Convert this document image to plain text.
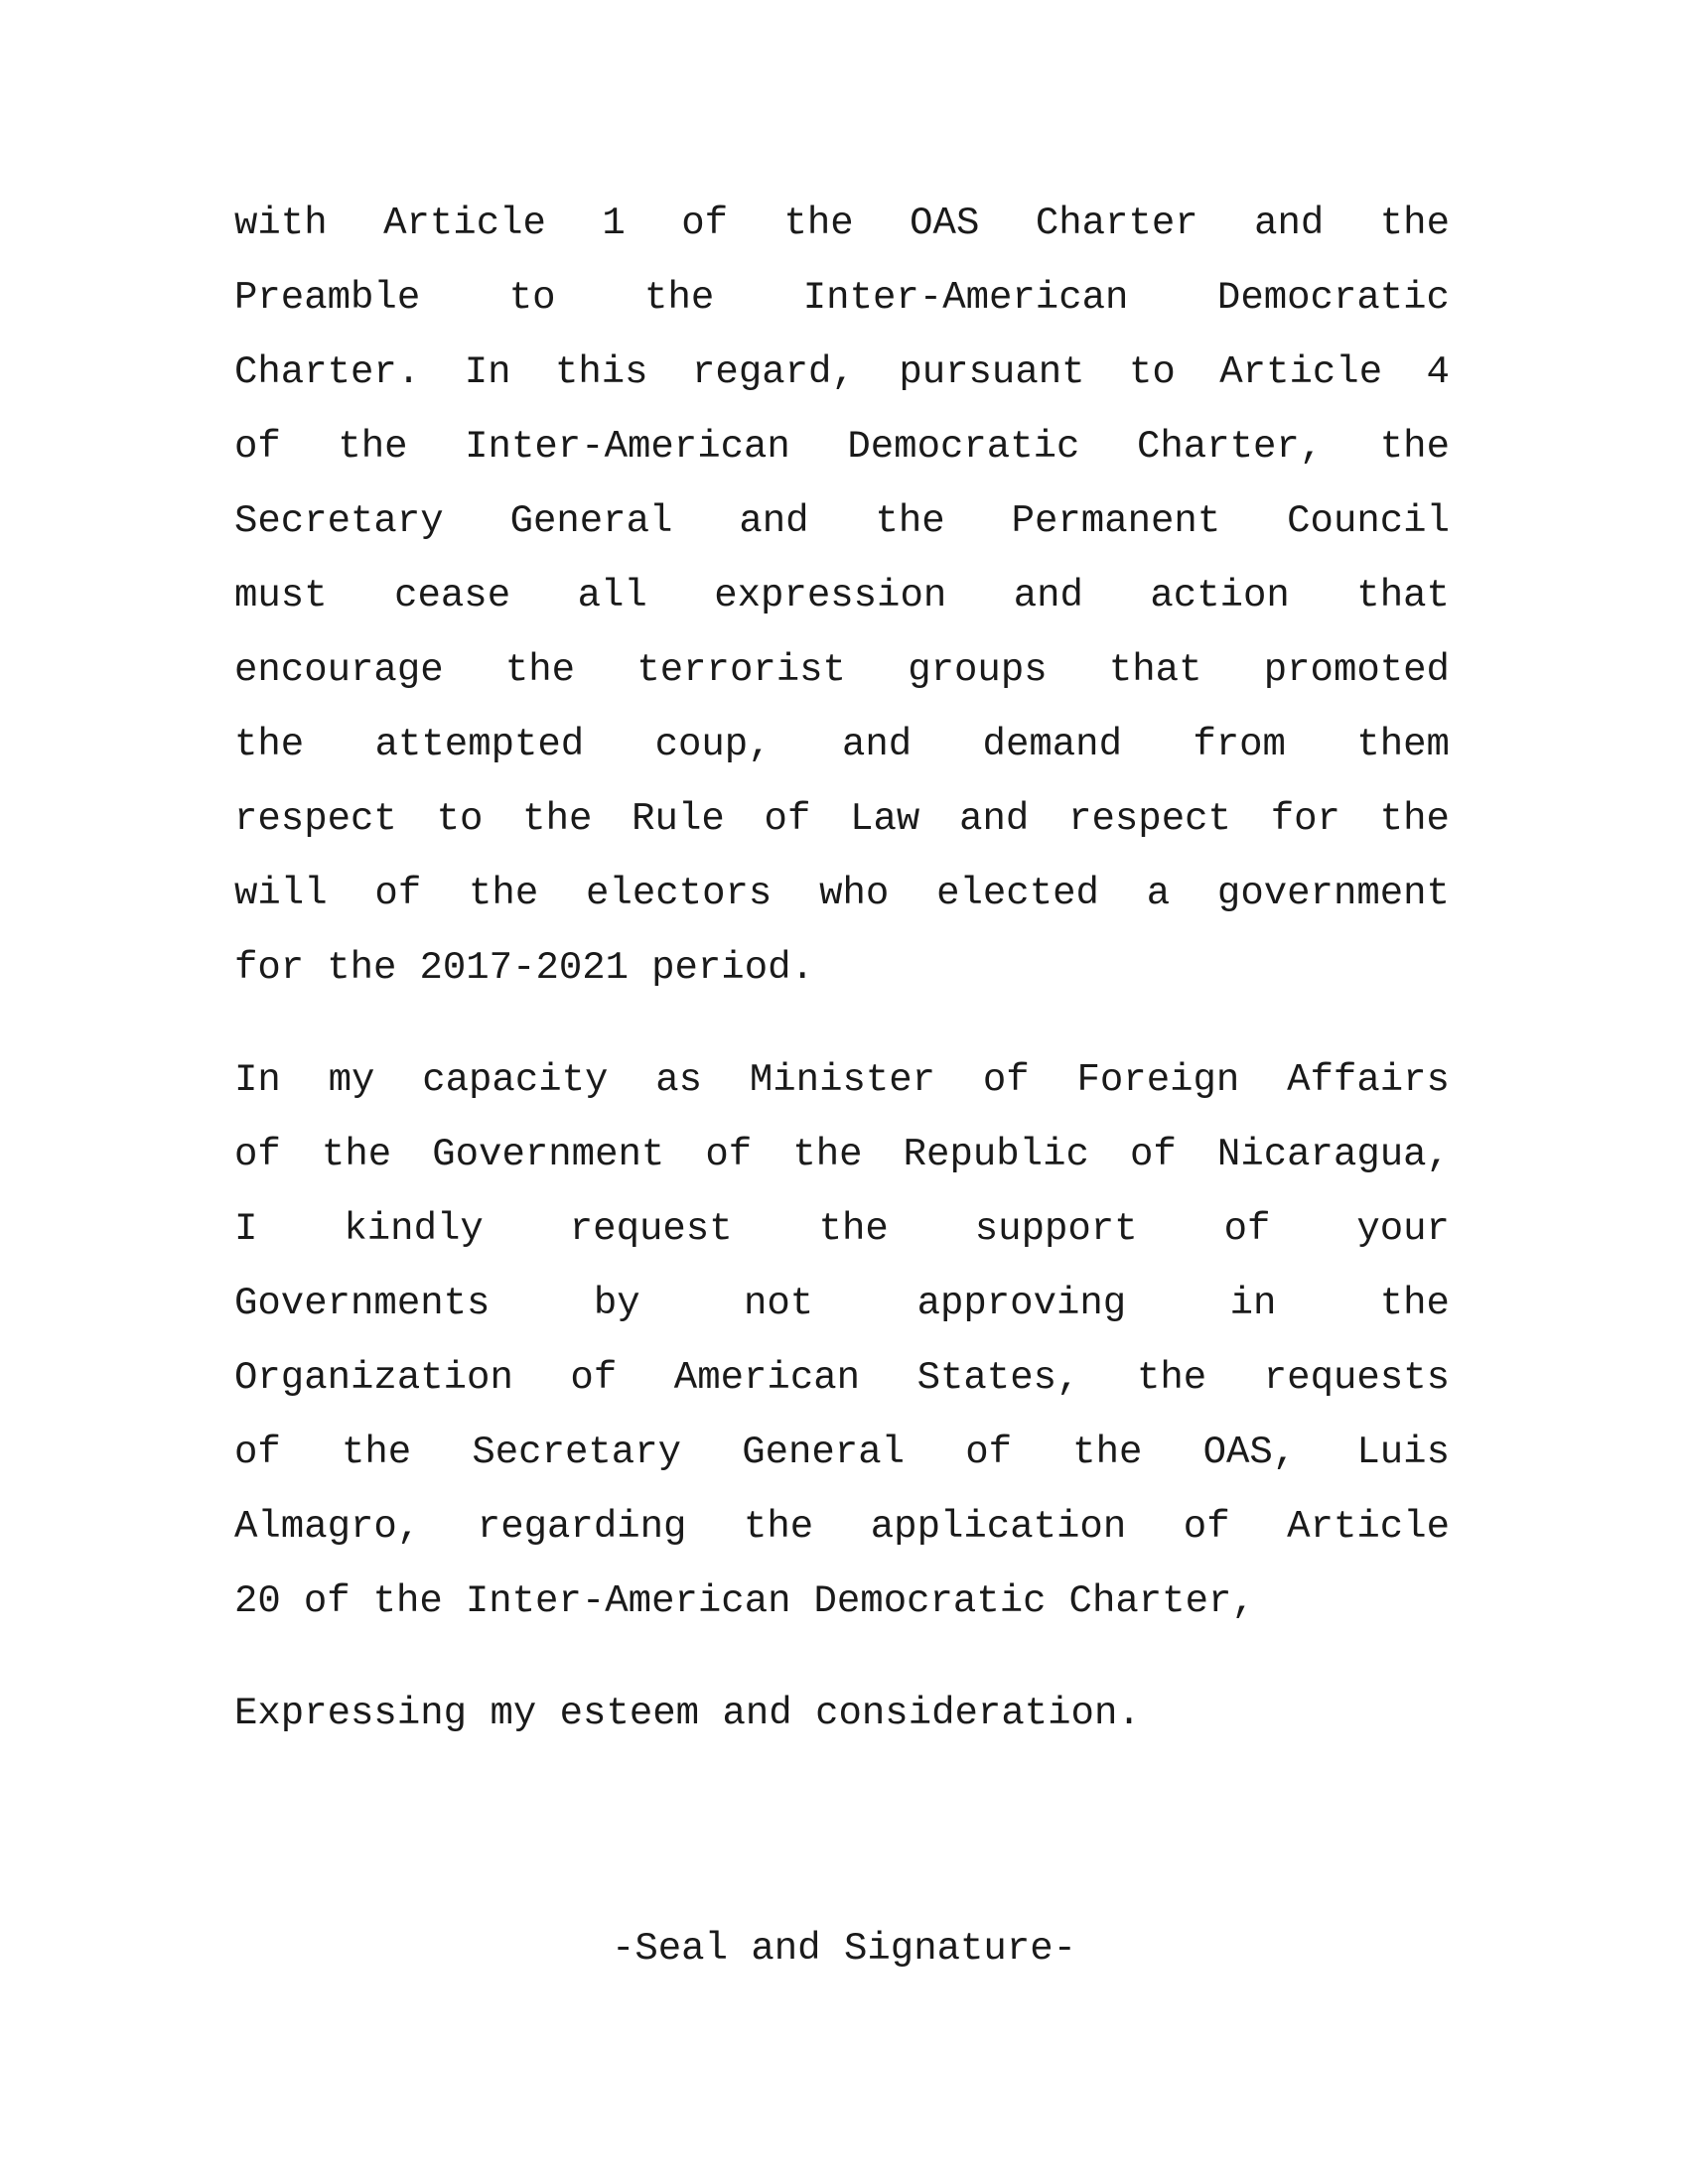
with Article 1 of the OAS Charter and the
Preamble to the Inter-American Democratic
Charter. In this regard, pursuant to Article 4
of the Inter-American Democratic Charter, the
Secretary General and the Permanent Council
must cease all expression and action that
encourage the terrorist groups that promoted
the attempted coup, and demand from them
respect to the Rule of Law and respect for the
will of the electors who elected a government
for the 2017-2021 period.
In my capacity as Minister of Foreign Affairs
of the Government of the Republic of Nicaragua,
I kindly request the support of your
Governments	by	not	approving	in	the
Organization of American States, the requests
of the Secretary General of the OAS, Luis
Almagro, regarding the application of Article
20 of the Inter-American Democratic Charter,
Expressing my esteem and consideration.
-Seal and Signature-
